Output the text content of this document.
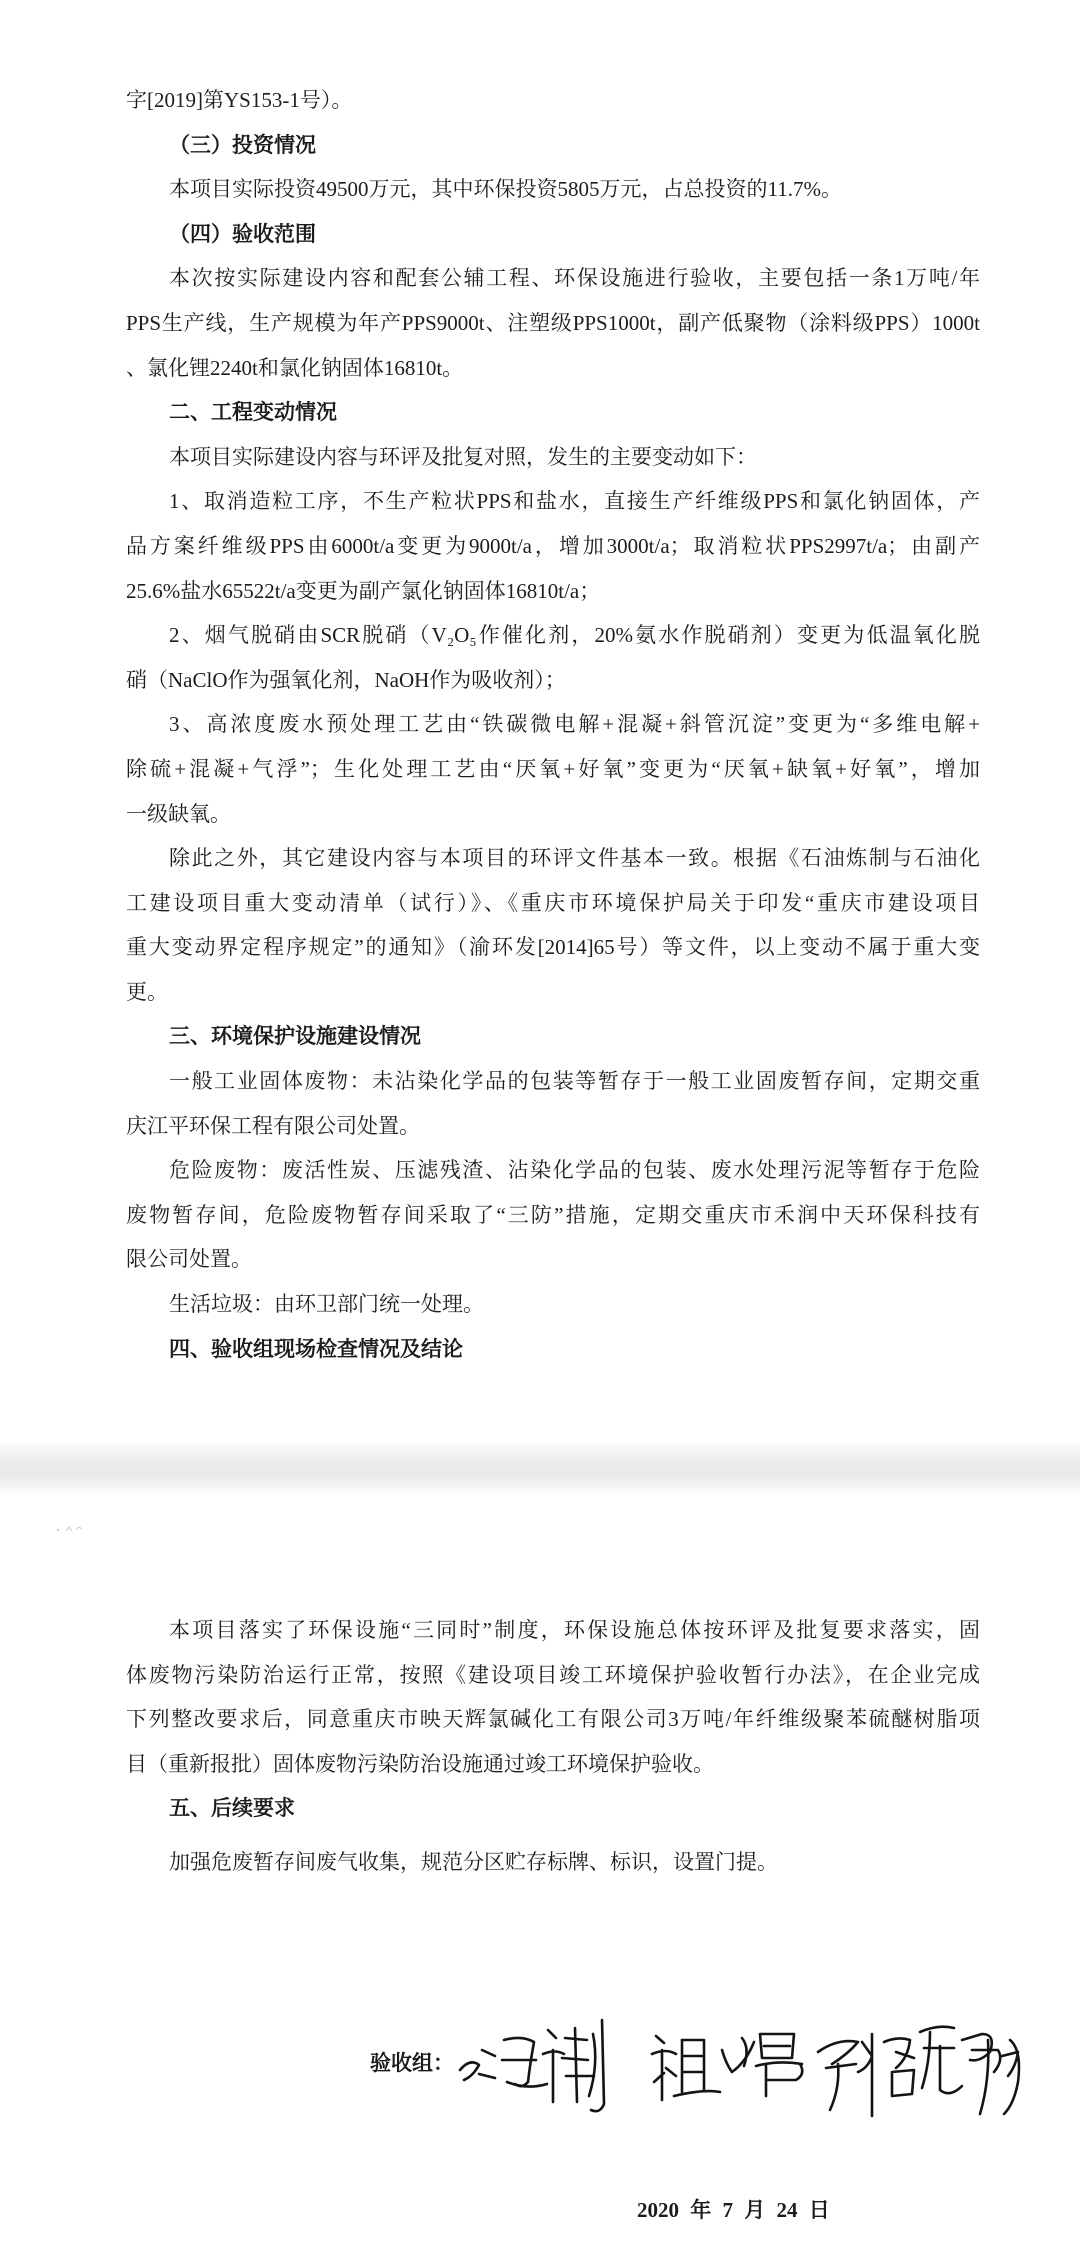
字[2019]第YS153-1号）。
（三）投资情况
本项目实际投资49500万元，其中环保投资5805万元，占总投资的11.7%。
（四）验收范围
本次按实际建设内容和配套公辅工程、环保设施进行验收，主要包括一条1万吨/年
PPS生产线，生产规模为年产PPS9000t、注塑级PPS1000t，副产低聚物（涂料级PPS）1000t
、氯化锂2240t和氯化钠固体16810t。
二、工程变动情况
本项目实际建设内容与环评及批复对照，发生的主要变动如下：
1、取消造粒工序，不生产粒状PPS和盐水，直接生产纤维级PPS和氯化钠固体，产
品方案纤维级PPS由6000t/a变更为9000t/a，增加3000t/a；取消粒状PPS2997t/a；由副产
25.6%盐水65522t/a变更为副产氯化钠固体16810t/a；
2、烟气脱硝由SCR脱硝（V₂O₅作催化剂，20%氨水作脱硝剂）变更为低温氧化脱
硝（NaClO作为强氧化剂，NaOH作为吸收剂）；
3、高浓度废水预处理工艺由“铁碳微电解+混凝+斜管沉淀”变更为“多维电解+
除硫+混凝+气浮”；生化处理工艺由“厌氧+好氧”变更为“厌氧+缺氧+好氧”，增加
一级缺氧。
除此之外，其它建设内容与本项目的环评文件基本一致。根据《石油炼制与石油化
工建设项目重大变动清单（试行）》、《重庆市环境保护局关于印发“重庆市建设项目
重大变动界定程序规定”的通知》（渝环发[2014]65号）等文件，以上变动不属于重大变
更。
三、环境保护设施建设情况
一般工业固体废物：未沾染化学品的包装等暂存于一般工业固废暂存间，定期交重
庆江平环保工程有限公司处置。
危险废物：废活性炭、压滤残渣、沾染化学品的包装、废水处理污泥等暂存于危险
废物暂存间，危险废物暂存间采取了“三防”措施，定期交重庆市禾润中天环保科技有
限公司处置。
生活垃圾：由环卫部门统一处理。
四、验收组现场检查情况及结论
本项目落实了环保设施“三同时”制度，环保设施总体按环评及批复要求落实，固
体废物污染防治运行正常，按照《建设项目竣工环境保护验收暂行办法》，在企业完成
下列整改要求后，同意重庆市映天辉氯碱化工有限公司3万吨/年纤维级聚苯硫醚树脂项
目（重新报批）固体废物污染防治设施通过竣工环境保护验收。
五、后续要求
加强危废暂存间废气收集，规范分区贮存标牌、标识，设置门提。
验收组：
2020 年 7 月 24 日
